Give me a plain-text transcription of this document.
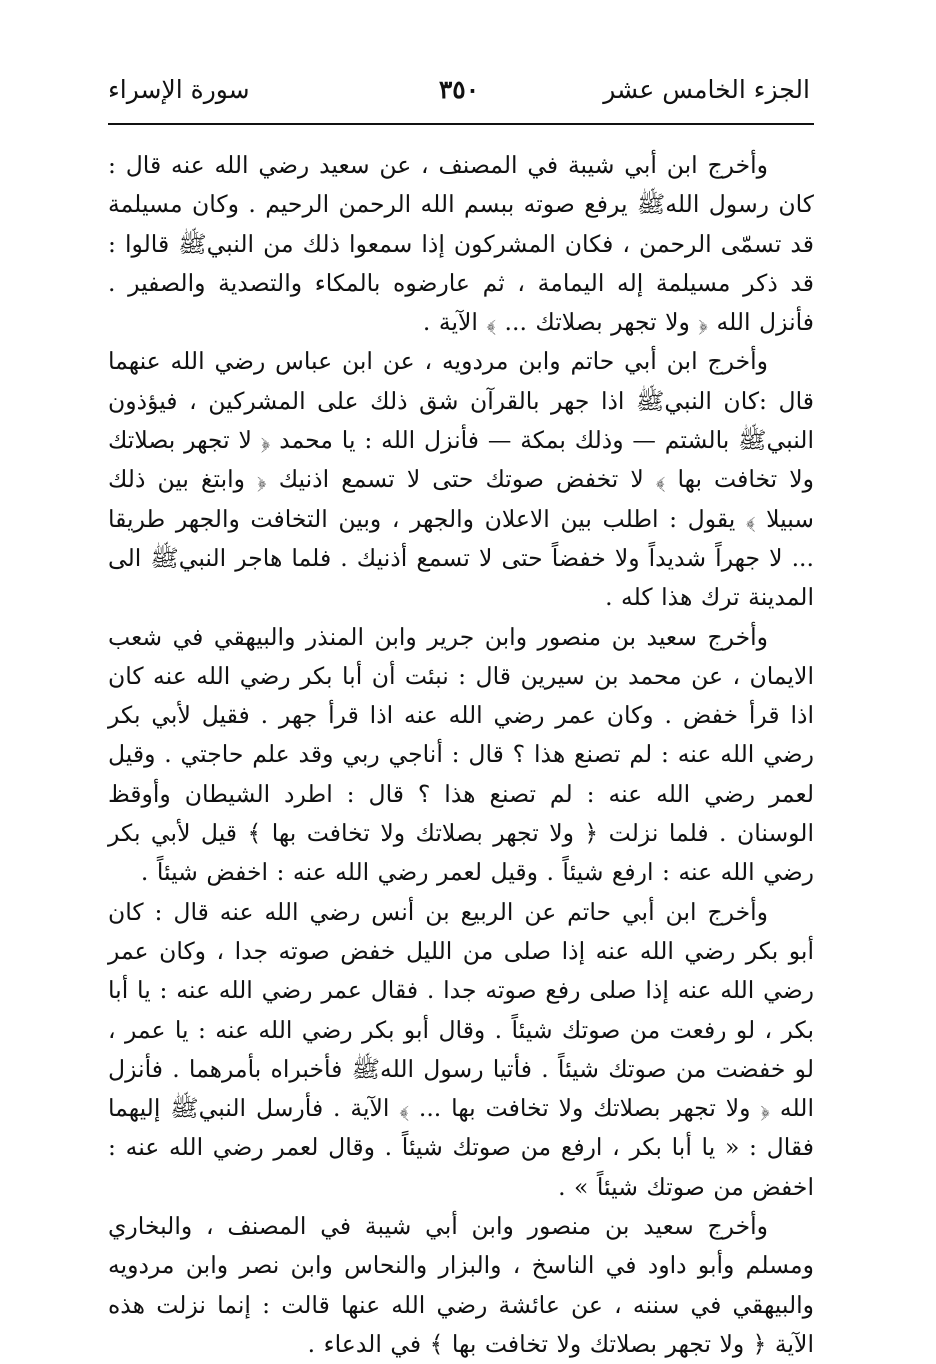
الجزء الخامس عشر
٣٥٠
سورة الإسراء

وأخرج ابن أبي شيبة في المصنف ، عن سعيد رضي الله عنه قال : كان رسول اللهﷺ يرفع صوته ببسم الله الرحمن الرحيم . وكان مسيلمة قد تسمّى الرحمن ، فكان المشركون إذا سمعوا ذلك من النبيﷺ قالوا : قد ذكر مسيلمة إله اليمامة ، ثم عارضوه بالمكاء والتصدية والصفير . فأنزل الله ﴿ ولا تجهر بصلاتك ... ﴾ الآية .

وأخرج ابن أبي حاتم وابن مردويه ، عن ابن عباس رضي الله عنهما قال :كان النبيﷺ اذا جهر بالقرآن شق ذلك على المشركين ، فيؤذون النبيﷺ بالشتم — وذلك بمكة — فأنزل الله : يا محمد ﴿ لا تجهر بصلاتك ولا تخافت بها ﴾ لا تخفض صوتك حتى لا تسمع اذنيك ﴿ وابتغ بين ذلك سبيلا ﴾ يقول : اطلب بين الاعلان والجهر ، وبين التخافت والجهر طريقا ... لا جهراً شديداً ولا خفضاً حتى لا تسمع أذنيك . فلما هاجر النبيﷺ الى المدينة ترك هذا كله .

وأخرج سعيد بن منصور وابن جرير وابن المنذر والبيهقي في شعب الايمان ، عن محمد بن سيرين قال : نبئت أن أبا بكر رضي الله عنه كان اذا قرأ خفض . وكان عمر رضي الله عنه اذا قرأ جهر . فقيل لأبي بكر رضي الله عنه : لم تصنع هذا ؟ قال : أناجي ربي وقد علم حاجتي . وقيل لعمر رضي الله عنه : لم تصنع هذا ؟ قال : اطرد الشيطان وأوقظ الوسنان . فلما نزلت ﴿ ولا تجهر بصلاتك ولا تخافت بها ﴾ قيل لأبي بكر رضي الله عنه : ارفع شيئاً . وقيل لعمر رضي الله عنه : اخفض شيئاً .

وأخرج ابن أبي حاتم عن الربيع بن أنس رضي الله عنه قال : كان أبو بكر رضي الله عنه إذا صلى من الليل خفض صوته جدا ، وكان عمر رضي الله عنه إذا صلى رفع صوته جدا . فقال عمر رضي الله عنه : يا أبا بكر ، لو رفعت من صوتك شيئاً . وقال أبو بكر رضي الله عنه : يا عمر ، لو خفضت من صوتك شيئاً . فأتيا رسول اللهﷺ فأخبراه بأمرهما . فأنزل الله ﴿ ولا تجهر بصلاتك ولا تخافت بها ... ﴾ الآية . فأرسل النبيﷺ إليهما فقال : « يا أبا بكر ، ارفع من صوتك شيئاً . وقال لعمر رضي الله عنه : اخفض من صوتك شيئاً » .

وأخرج سعيد بن منصور وابن أبي شيبة في المصنف ، والبخاري ومسلم وأبو داود في الناسخ ، والبزار والنحاس وابن نصر وابن مردويه والبيهقي في سننه ، عن عائشة رضي الله عنها قالت : إنما نزلت هذه الآية ﴿ ولا تجهر بصلاتك ولا تخافت بها ﴾ في الدعاء .
